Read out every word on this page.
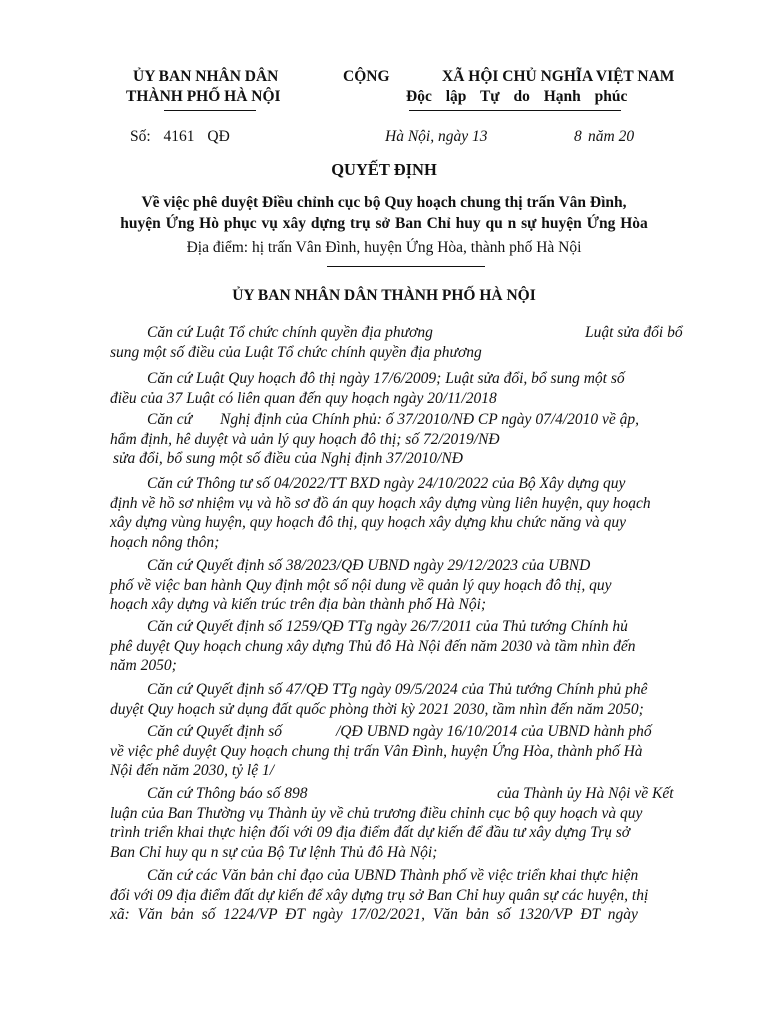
ỦY BAN NHÂN DÂN
THÀNH PHỐ HÀ NỘI
CỘNG	XÃ HỘI CHỦ NGHĨA VIỆT NAM
Độc lập Tự do Hạnh phúc
Số: 4161 QĐ	Hà Nội, ngày 13	8 năm 20
QUYẾT ĐỊNH
Về việc phê duyệt Điều chỉnh cục bộ Quy hoạch chung thị trấn Vân Đình,
huyện Ứng Hò phục vụ xây dựng trụ sở Ban Chỉ huy qu n sự huyện Ứng Hòa
Địa điểm: hị trấn Vân Đình, huyện Ứng Hòa, thành phố Hà Nội
ỦY BAN NHÂN DÂN THÀNH PHỐ HÀ NỘI
Căn cứ Luật Tổ chức chính quyền địa phương	Luật sửa đổi bổ
sung một số điều của Luật Tổ chức chính quyền địa phương
Căn cứ Luật Quy hoạch đô thị ngày 17/6/2009; Luật sửa đổi, bổ sung một số
điều của 37 Luật có liên quan đến quy hoạch ngày 20/11/2018
Căn cứ Nghị định của Chính phủ: ố 37/2010/NĐ CP ngày 07/4/2010 về ập,
hẩm định, hê duyệt và uản lý quy hoạch đô thị; số 72/2019/NĐ
sửa đổi, bổ sung một số điều của Nghị định 37/2010/NĐ
Căn cứ Thông tư số 04/2022/TT BXD ngày 24/10/2022 của Bộ Xây dựng quy
định về hồ sơ nhiệm vụ và hồ sơ đồ án quy hoạch xây dựng vùng liên huyện, quy hoạch
xây dựng vùng huyện, quy hoạch đô thị, quy hoạch xây dựng khu chức năng và quy
hoạch nông thôn;
Căn cứ Quyết định số 38/2023/QĐ UBND ngày 29/12/2023 của UBND
phố về việc ban hành Quy định một số nội dung về quản lý quy hoạch đô thị, quy
hoạch xây dựng và kiến trúc trên địa bàn thành phố Hà Nội;
Căn cứ Quyết định số 1259/QĐ TTg ngày 26/7/2011 của Thủ tướng Chính hủ
phê duyệt Quy hoạch chung xây dựng Thủ đô Hà Nội đến năm 2030 và tầm nhìn đến
năm 2050;
Căn cứ Quyết định số 47/QĐ TTg ngày 09/5/2024 của Thủ tướng Chính phủ phê
duyệt Quy hoạch sử dụng đất quốc phòng thời kỳ 2021 2030, tầm nhìn đến năm 2050;
Căn cứ Quyết định số	/QĐ UBND ngày 16/10/2014 của UBND hành phố
về việc phê duyệt Quy hoạch chung thị trấn Vân Đình, huyện Ứng Hòa, thành phố Hà
Nội đến năm 2030, tỷ lệ 1/
Căn cứ Thông báo số 898	của Thành ủy Hà Nội về Kết
luận của Ban Thường vụ Thành ủy về chủ trương điều chỉnh cục bộ quy hoạch và quy
trình triển khai thực hiện đối với 09 địa điểm đất dự kiến để đầu tư xây dựng Trụ sở
Ban Chỉ huy qu n sự của Bộ Tư lệnh Thủ đô Hà Nội;
Căn cứ các Văn bản chỉ đạo của UBND Thành phố về việc triển khai thực hiện
đối với 09 địa điểm đất dự kiến để xây dựng trụ sở Ban Chỉ huy quân sự các huyện, thị
xã: Văn bản số 1224/VP ĐT ngày 17/02/2021, Văn bản số 1320/VP ĐT ngày
